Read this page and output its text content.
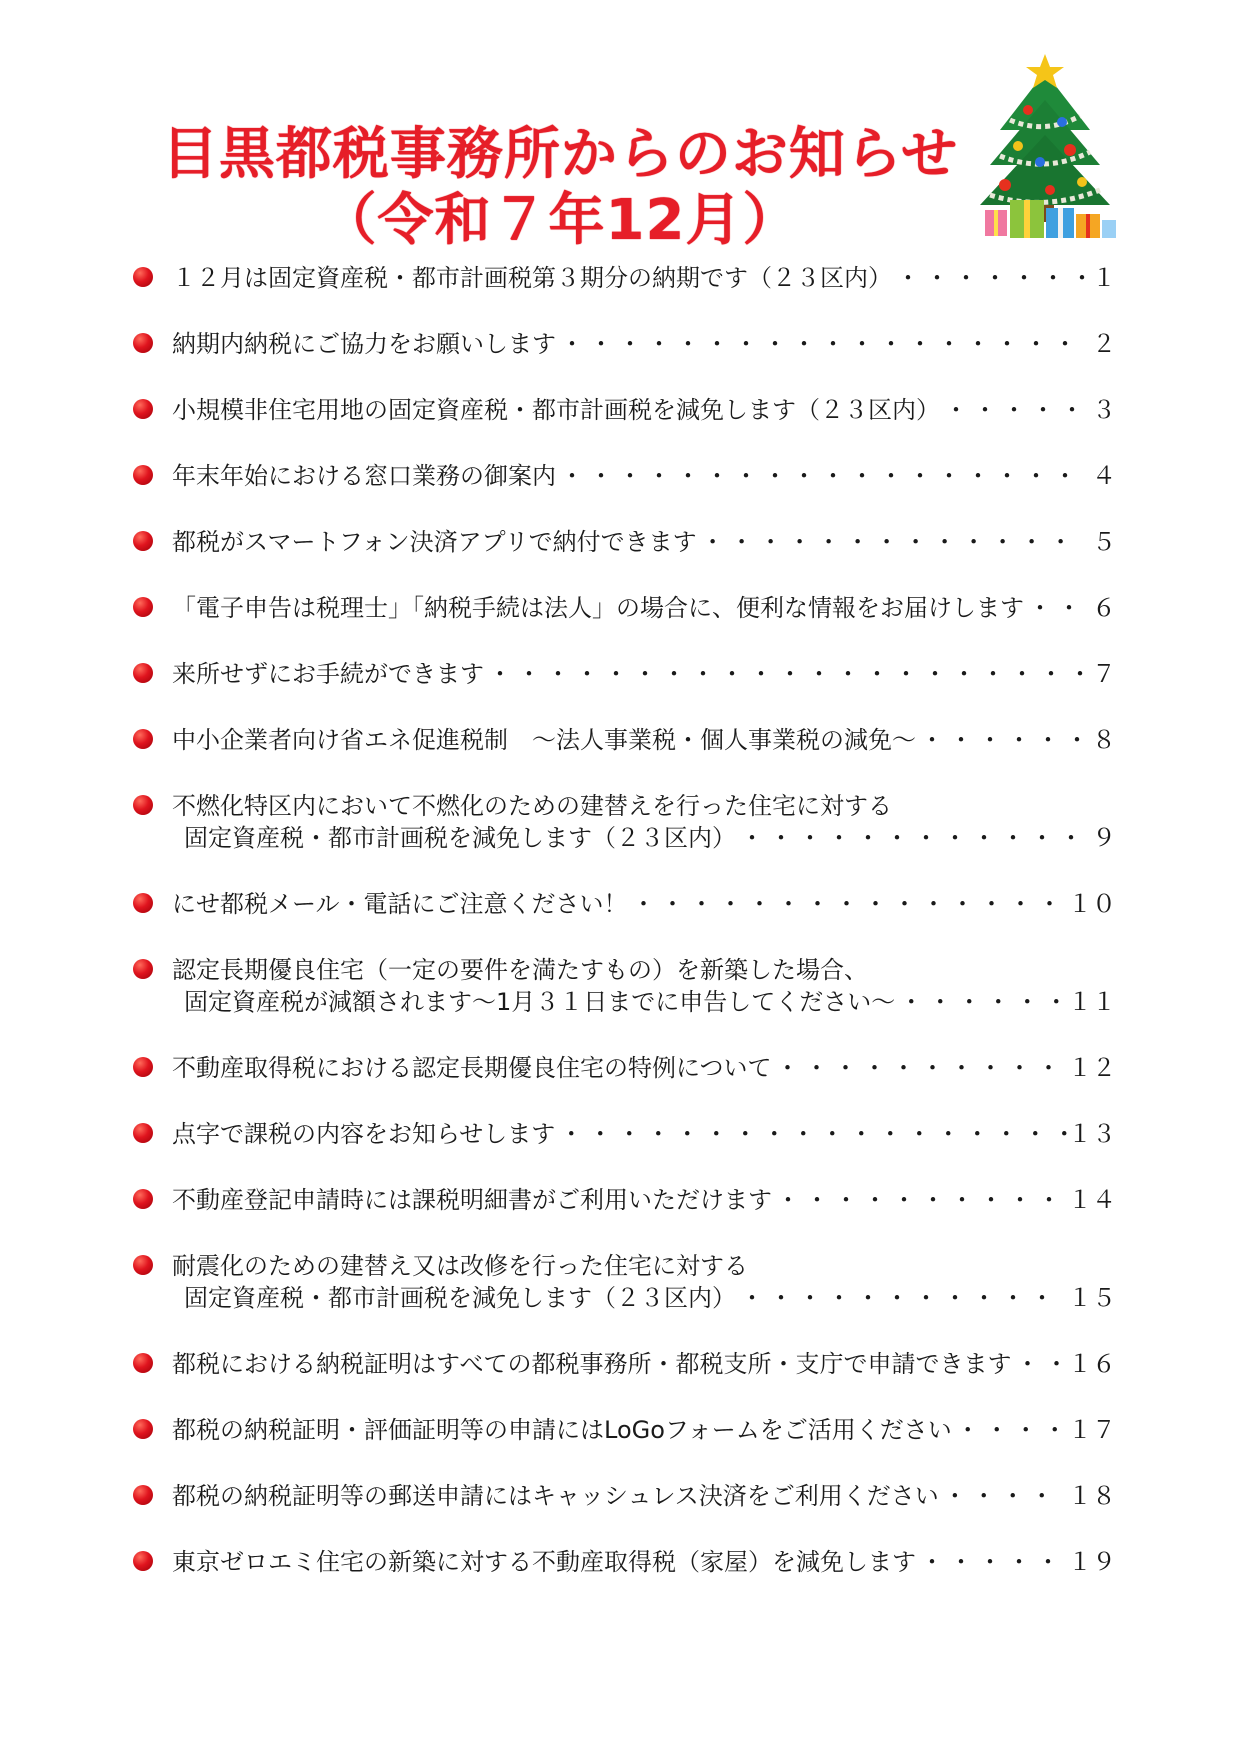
目黒都税事務所からのお知らせ
（令和７年12月）
１２月は固定資産税・都市計画税第３期分の納期です（２３区内） ・・・・・・・・・・・・・・・・・・・・・・・・・・・・・・・・・・・・・・・・・・・・・・・・・・・・・・・・	１
納期内納税にご協力をお願いします ・・・・・・・・・・・・・・・・・・・・・・・・・・・・・・・・・・・・・・・・・・・・・・・・・・・・・・・・	２
小規模非住宅用地の固定資産税・都市計画税を減免します（２３区内） ・・・・・・・・・・・・・・・・・・・・・・・・・・・・・・・・・・・・・・・・・・・・・・・・・・・・・・・・	３
年末年始における窓口業務の御案内 ・・・・・・・・・・・・・・・・・・・・・・・・・・・・・・・・・・・・・・・・・・・・・・・・・・・・・・・・	４
都税がスマートフォン決済アプリで納付できます ・・・・・・・・・・・・・・・・・・・・・・・・・・・・・・・・・・・・・・・・・・・・・・・・・・・・・・・・	５
「電子申告は税理士」「納税手続は法人」の場合に、便利な情報をお届けします ・・・・・・・・・・・・・・・・・・・・・・・・・・・・・・・・・・・・・・・・・・・・・・・・・・・・・・・・	６
来所せずにお手続ができます ・・・・・・・・・・・・・・・・・・・・・・・・・・・・・・・・・・・・・・・・・・・・・・・・・・・・・・・・	７
中小企業者向け省エネ促進税制　～法人事業税・個人事業税の減免～ ・・・・・・・・・・・・・・・・・・・・・・・・・・・・・・・・・・・・・・・・・・・・・・・・・・・・・・・・	８
不燃化特区内において不燃化のための建替えを行った住宅に対する
固定資産税・都市計画税を減免します（２３区内） ・・・・・・・・・・・・・・・・・・・・・・・・・・・・・・・・・・・・・・・・・・・・・・・・・・・・・・・・	９
にせ都税メール・電話にご注意ください！ ・・・・・・・・・・・・・・・・・・・・・・・・・・・・・・・・・・・・・・・・・・・・・・・・・・・・・・・・	１０
認定長期優良住宅（一定の要件を満たすもの）を新築した場合、
固定資産税が減額されます～1月３１日までに申告してください～ ・・・・・・・・・・・・・・・・・・・・・・・・・・・・・・・・・・・・・・・・・・・・・・・・・・・・・・・・	１１
不動産取得税における認定長期優良住宅の特例について ・・・・・・・・・・・・・・・・・・・・・・・・・・・・・・・・・・・・・・・・・・・・・・・・・・・・・・・・	１２
点字で課税の内容をお知らせします ・・・・・・・・・・・・・・・・・・・・・・・・・・・・・・・・・・・・・・・・・・・・・・・・・・・・・・・・	１３
不動産登記申請時には課税明細書がご利用いただけます ・・・・・・・・・・・・・・・・・・・・・・・・・・・・・・・・・・・・・・・・・・・・・・・・・・・・・・・・	１４
耐震化のための建替え又は改修を行った住宅に対する
固定資産税・都市計画税を減免します（２３区内） ・・・・・・・・・・・・・・・・・・・・・・・・・・・・・・・・・・・・・・・・・・・・・・・・・・・・・・・・	１５
都税における納税証明はすべての都税事務所・都税支所・支庁で申請できます ・・・・・・・・・・・・・・・・・・・・・・・・・・・・・・・・・・・・・・・・・・・・・・・・・・・・・・・・ １６
都税の納税証明・評価証明等の申請にはLoGoフォームをご活用ください ・・・・・・・・・・・・・・・・・・・・・・・・・・・・・・・・・・・・・・・・・・・・・・・・・・・・・・・・	１７
都税の納税証明等の郵送申請にはキャッシュレス決済をご利用ください ・・・・・・・・・・・・・・・・・・・・・・・・・・・・・・・・・・・・・・・・・・・・・・・・・・・・・・・・	１８
東京ゼロエミ住宅の新築に対する不動産取得税（家屋）を減免します ・・・・・・・・・・・・・・・・・・・・・・・・・・・・・・・・・・・・・・・・・・・・・・・・・・・・・・・・	１９
